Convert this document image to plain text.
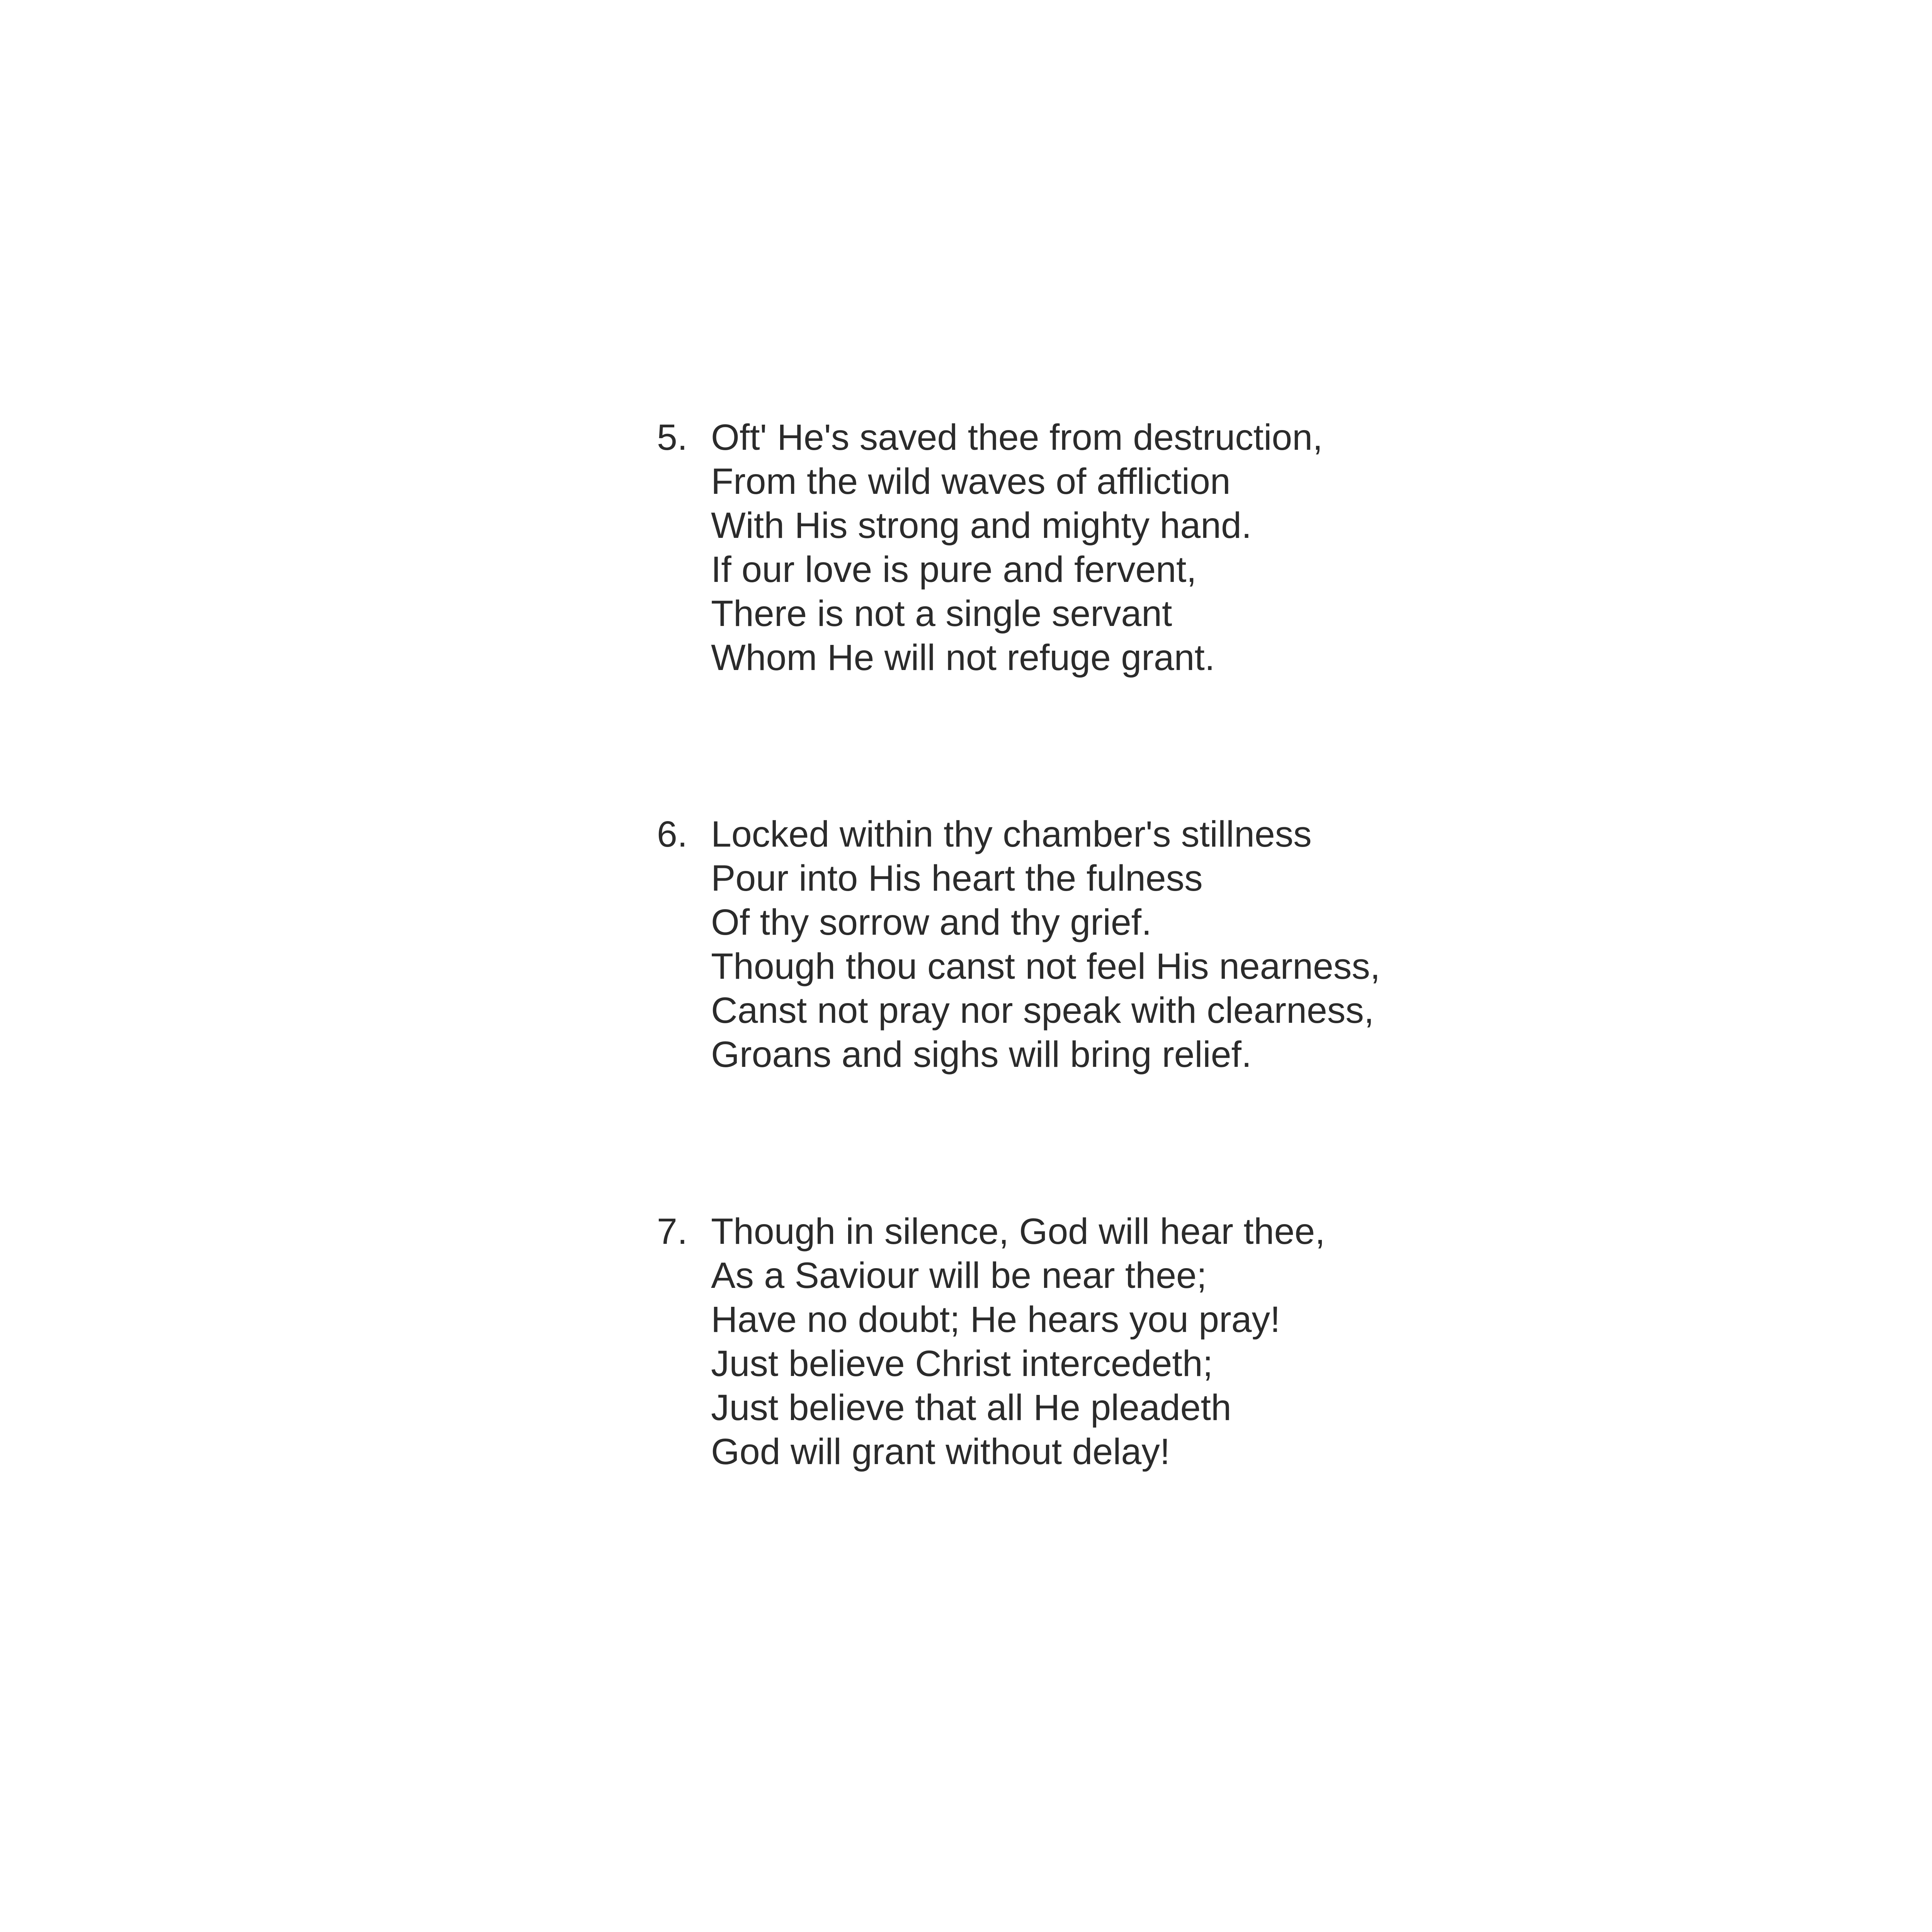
5. Oft' He's saved thee from destruction,
From the wild waves of affliction
With His strong and mighty hand.
If our love is pure and fervent,
There is not a single servant
Whom He will not refuge grant.
6. Locked within thy chamber's stillness
Pour into His heart the fulness
Of thy sorrow and thy grief.
Though thou canst not feel His nearness,
Canst not pray nor speak with clearness,
Groans and sighs will bring relief.
7. Though in silence, God will hear thee,
As a Saviour will be near thee;
Have no doubt; He hears you pray!
Just believe Christ intercedeth;
Just believe that all He pleadeth
God will grant without delay!
